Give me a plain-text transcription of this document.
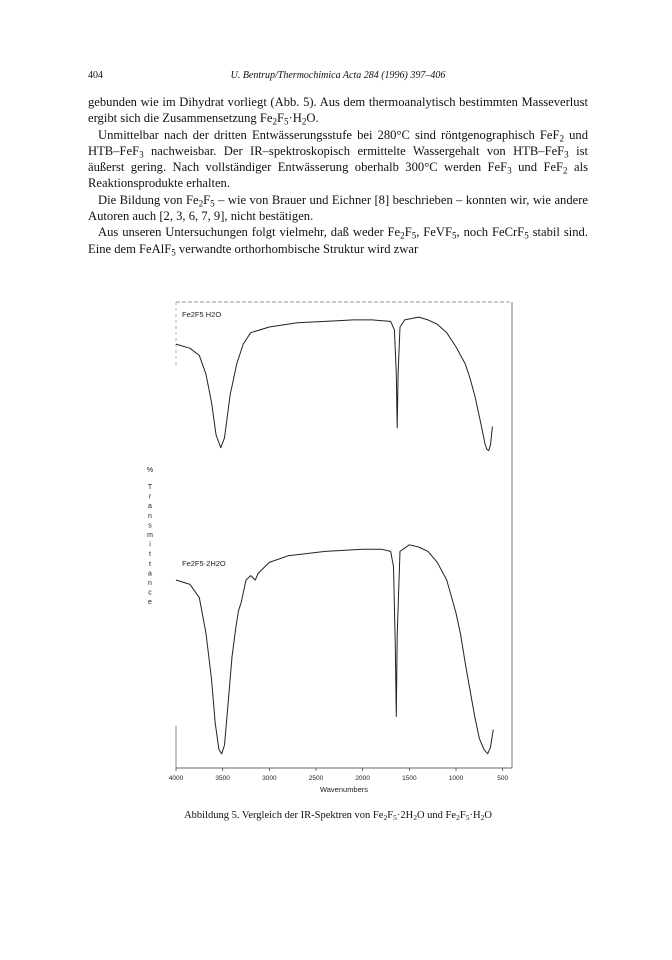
404	U. Bentrup/Thermochimica Acta 284 (1996) 397–406

gebunden wie im Dihydrat vorliegt (Abb. 5). Aus dem thermoanalytisch bestimmten Masseverlust ergibt sich die Zusammensetzung $Fe_2F_5\cdot H_2O$.

Unmittelbar nach der dritten Entwässerungsstufe bei 280°C sind röntgenographisch FeF$_2$ und HTB–FeF$_3$ nachweisbar. Der IR–spektroskopisch ermittelte Wassergehalt von HTB–FeF$_3$ ist äußerst gering. Nach vollständiger Entwässerung oberhalb 300°C werden FeF$_3$ und FeF$_2$ als Reaktionsprodukte erhalten.

Die Bildung von $Fe_2F_5$ – wie von Brauer und Eichner [8] beschrieben – konnten wir, wie andere Autoren auch [2, 3, 6, 7, 9], nicht bestätigen.

Aus unseren Untersuchungen folgt vielmehr, daß weder $Fe_2F_5$, FeVF$_5$, noch FeCrF$_5$ stabil sind. Eine dem FeAlF$_5$ verwandte orthorhombische Struktur wird zwar

Fe2F5 H2O
Fe2F5·2H2O
4000	3500	3000	2500	2000	1500	1000	500
Wavenumbers
%
T
r
a
n
s
m
i
t
t
a
n
c
e
Abbildung 5. Vergleich der IR-Spektren von $Fe_2F_5\cdot 2H_2O$ und $Fe_2F_5\cdot H_2O$
